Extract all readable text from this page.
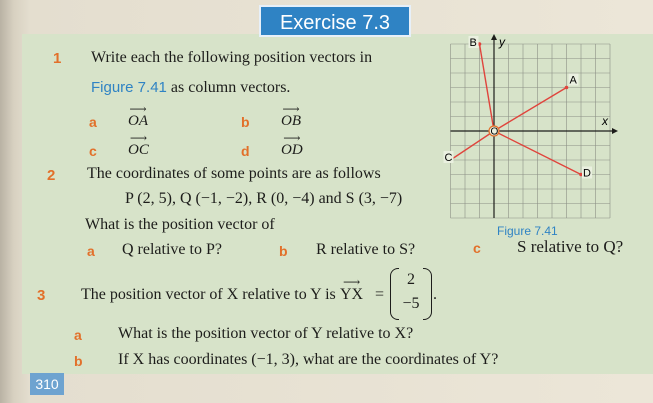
Exercise 7.3
1 Write each the following position vectors in
Figure 7.41 as column vectors.
a
⟶
OA	b
⟶
OB
c
⟶
OC	d
⟶
OD
2 The coordinates of some points are as follows
P (2, 5), Q (−1, −2), R (0, −4) and S (3, −7)
What is the position vector of
a Q relative to P?	b R relative to S?	c S relative to Q?
3 The position vector of X relative to Y is
⟶
YX =
2
−5
.
a What is the position vector of Y relative to X?
b If X has coordinates (−1, 3), what are the coordinates of Y?
x
y
A
B
C
D
O
Figure 7.41
310
